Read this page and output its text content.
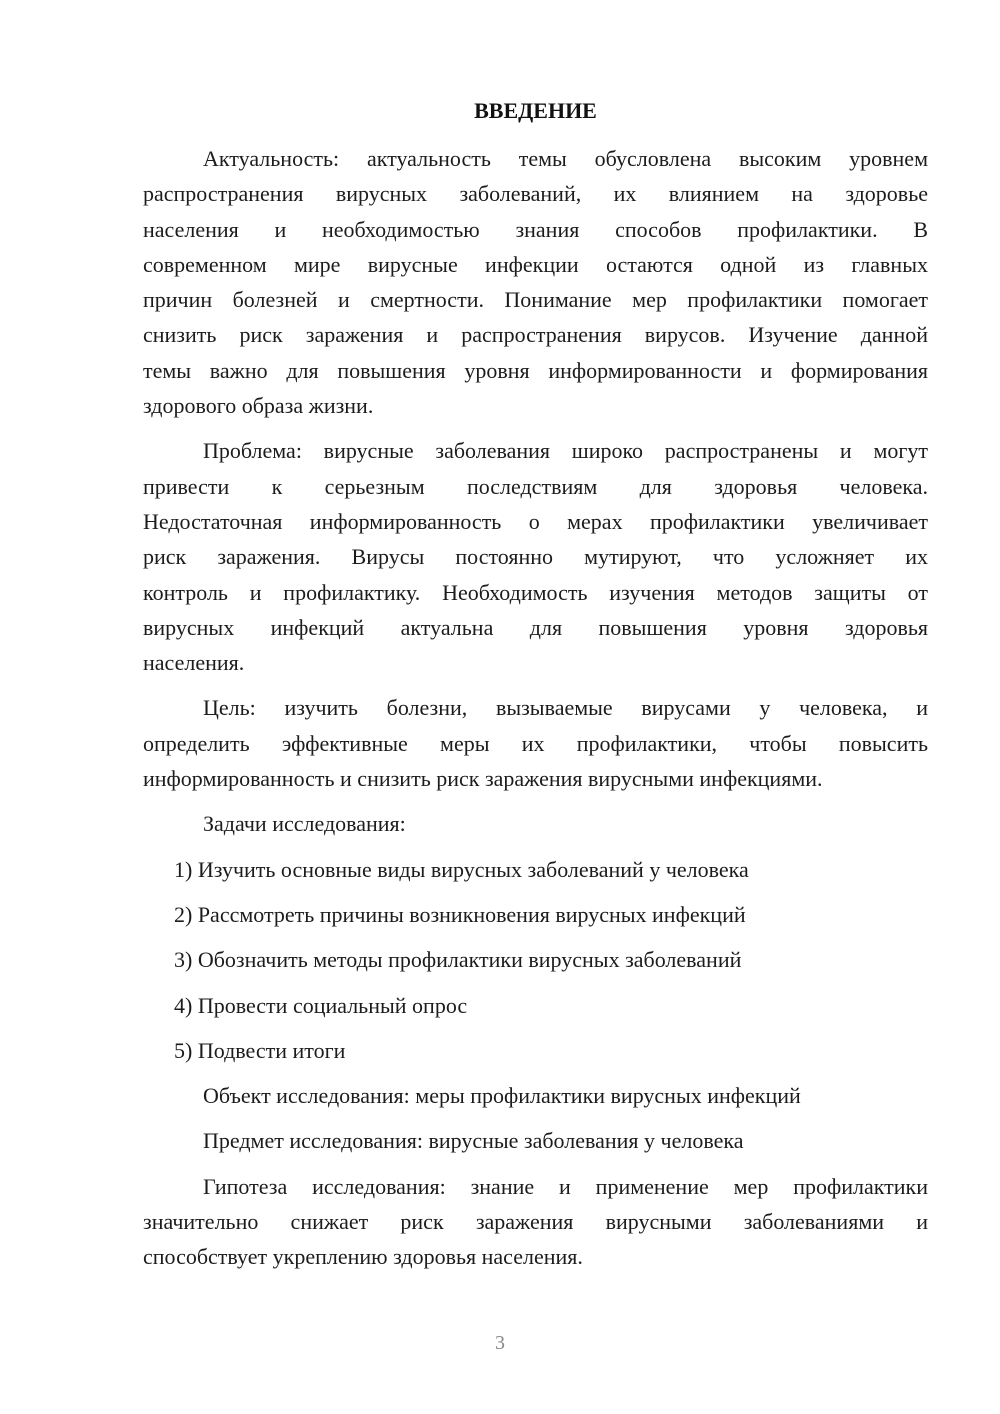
ВВЕДЕНИЕ
Актуальность: актуальность темы обусловлена высоким уровнем
распространения вирусных заболеваний, их влиянием на здоровье
населения и необходимостью знания способов профилактики. В
современном мире вирусные инфекции остаются одной из главных
причин болезней и смертности. Понимание мер профилактики помогает
снизить риск заражения и распространения вирусов. Изучение данной
темы важно для повышения уровня информированности и формирования
здорового образа жизни.
Проблема: вирусные заболевания широко распространены и могут
привести к серьезным последствиям для здоровья человека.
Недостаточная информированность о мерах профилактики увеличивает
риск заражения. Вирусы постоянно мутируют, что усложняет их
контроль и профилактику. Необходимость изучения методов защиты от
вирусных инфекций актуальна для повышения уровня здоровья
населения.
Цель: изучить болезни, вызываемые вирусами у человека, и
определить эффективные меры их профилактики, чтобы повысить
информированность и снизить риск заражения вирусными инфекциями.
Задачи исследования:
1) Изучить основные виды вирусных заболеваний у человека
2) Рассмотреть причины возникновения вирусных инфекций
3) Обозначить методы профилактики вирусных заболеваний
4) Провести социальный опрос
5) Подвести итоги
Объект исследования: меры профилактики вирусных инфекций
Предмет исследования: вирусные заболевания у человека
Гипотеза исследования: знание и применение мер профилактики
значительно снижает риск заражения вирусными заболеваниями и
способствует укреплению здоровья населения.
3
